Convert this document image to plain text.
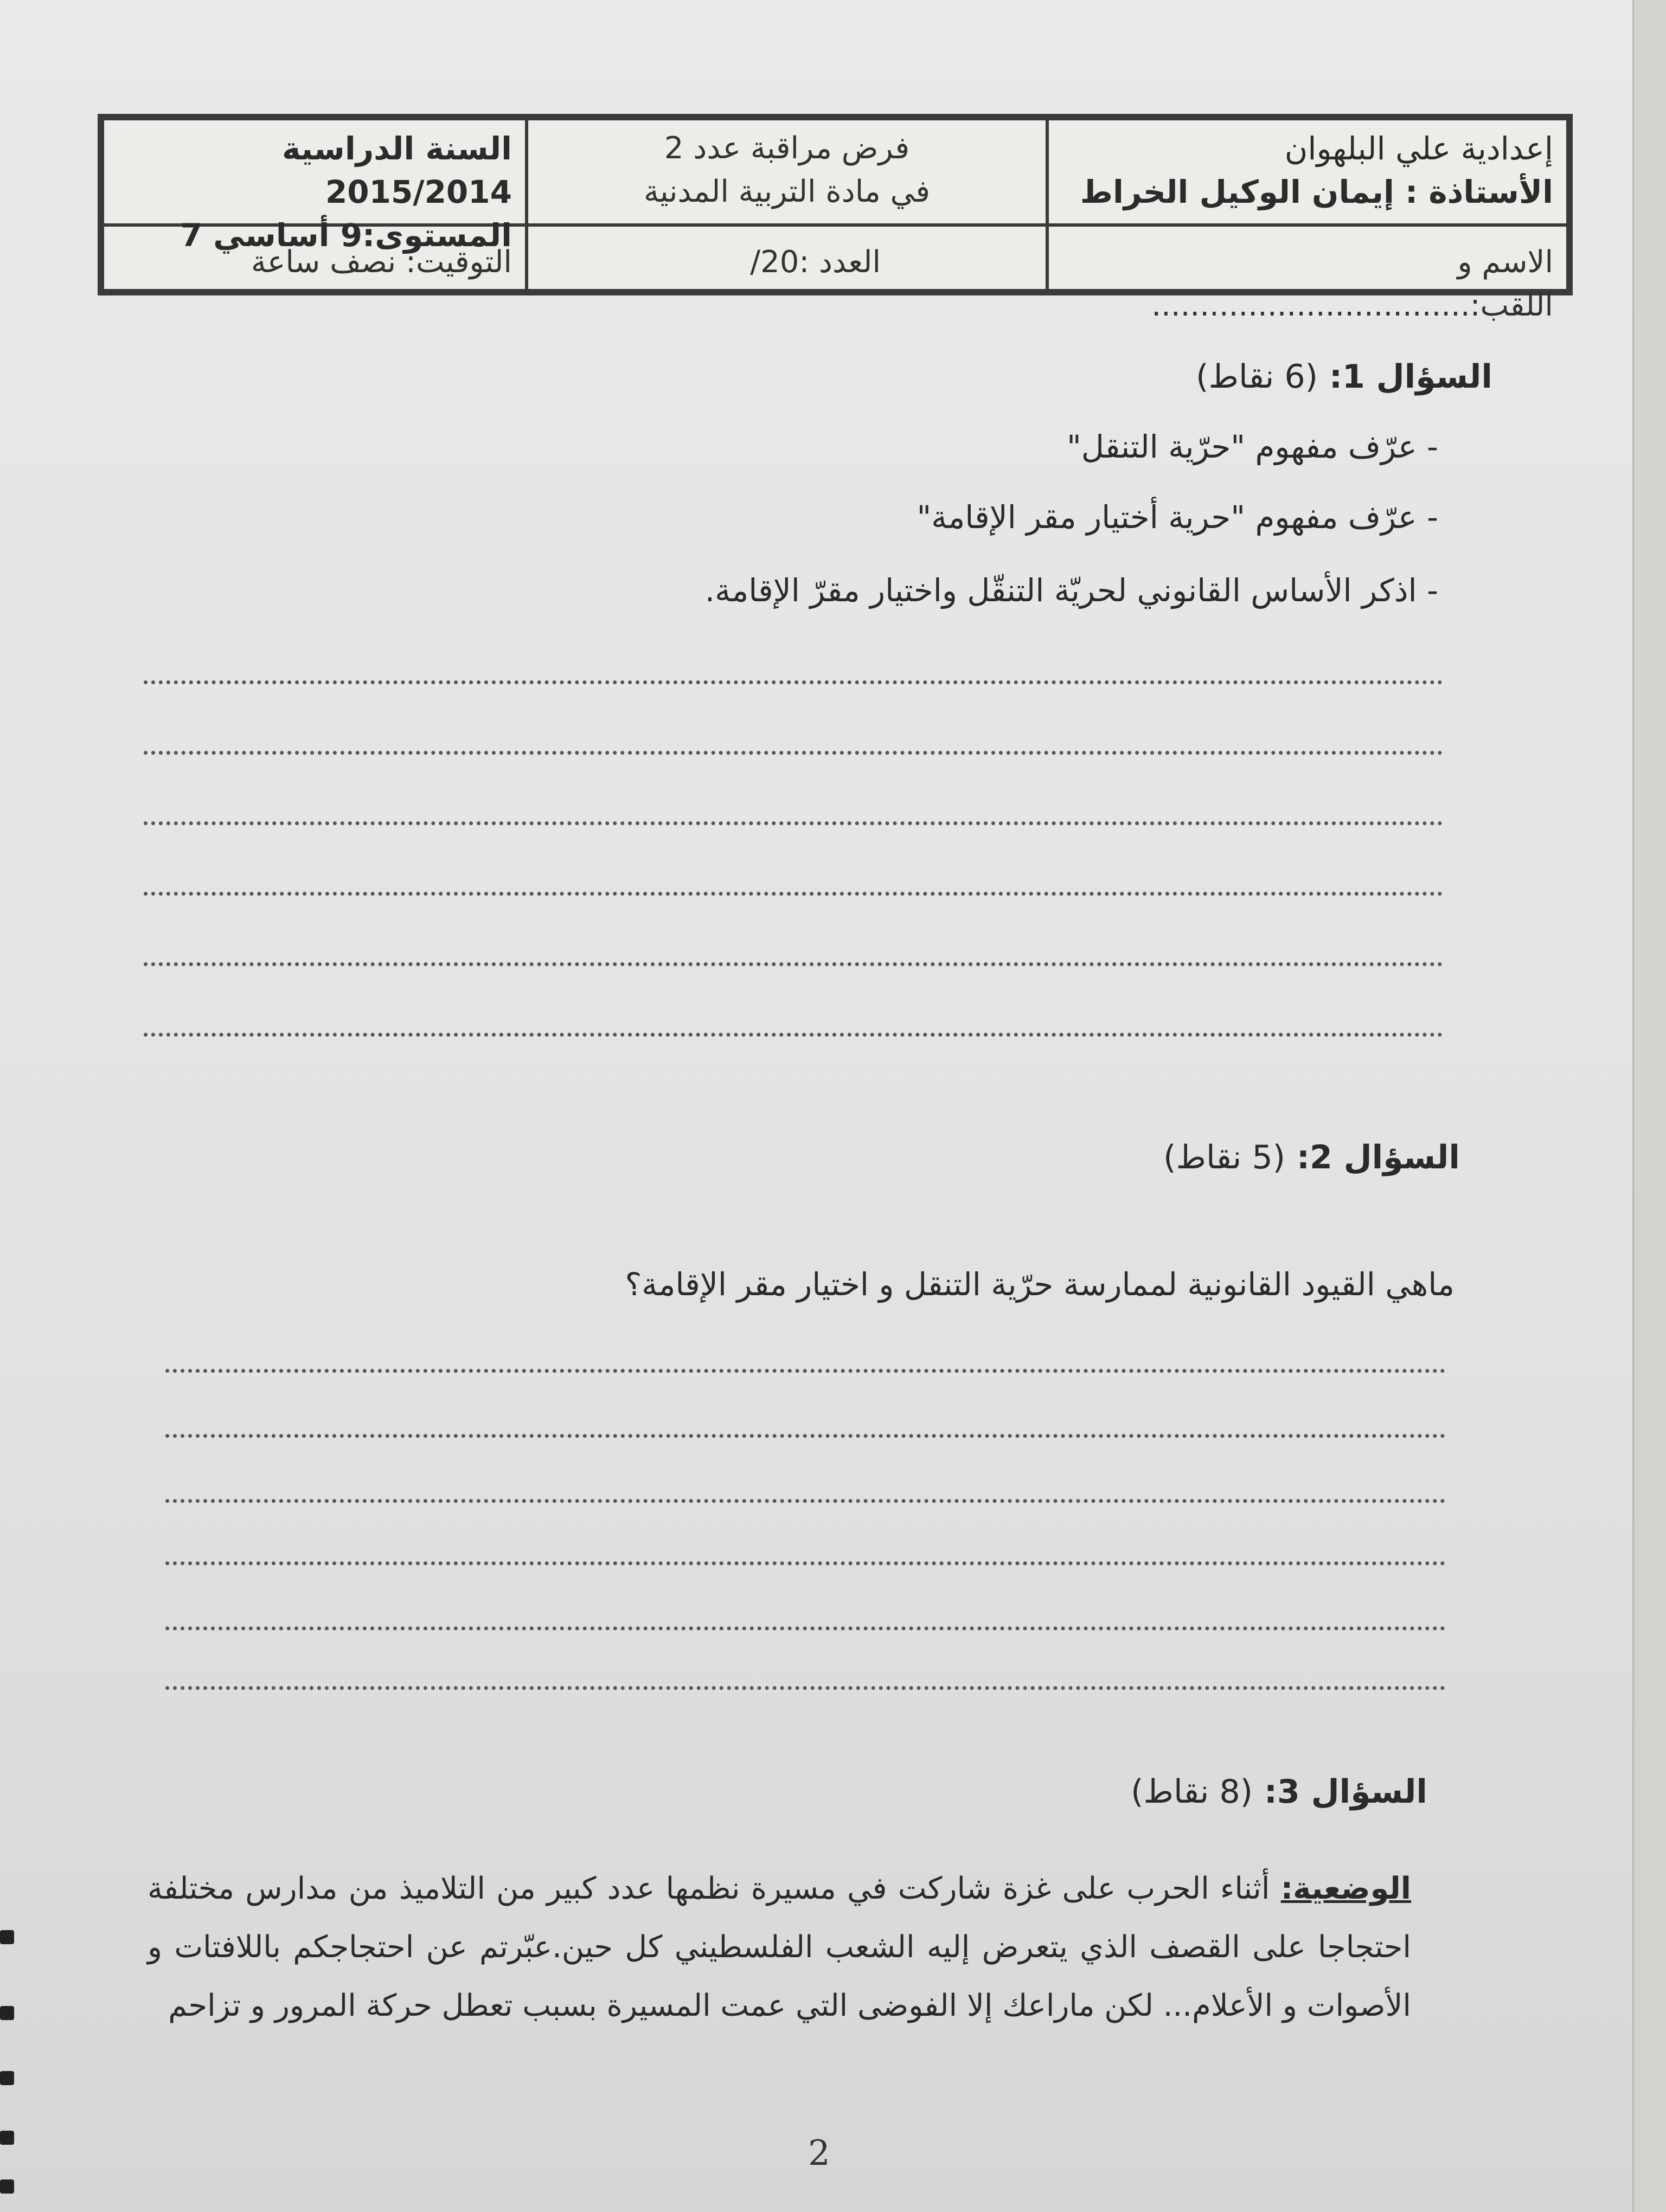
إعدادية علي البلهوان
الأستاذة : إيمان الوكيل الخراط
فرض مراقبة عدد 2
في مادة التربية المدنية
السنة الدراسية 2015/2014
المستوى:9 أساسي 7
الاسم و اللقب:.................................
العدد :20/
التوقيت: نصف ساعة
السؤال 1: (6 نقاط)
- عرّف مفهوم "حرّية التنقل"
- عرّف مفهوم "حرية أختيار مقر الإقامة"
- اذكر الأساس القانوني لحريّة التنقّل واختيار مقرّ الإقامة.
السؤال 2: (5 نقاط)
ماهي القيود القانونية لممارسة حرّية التنقل و اختيار مقر الإقامة؟
السؤال 3: (8 نقاط)
الوضعية: أثناء الحرب على غزة شاركت في مسيرة نظمها عدد كبير من التلاميذ من مدارس مختلفة احتجاجا على القصف الذي يتعرض إليه الشعب الفلسطيني كل حين.عبّرتم عن احتجاجكم باللافتات و الأصوات و الأعلام... لكن ماراعك إلا الفوضى التي عمت المسيرة بسبب تعطل حركة المرور و تزاحم
2
